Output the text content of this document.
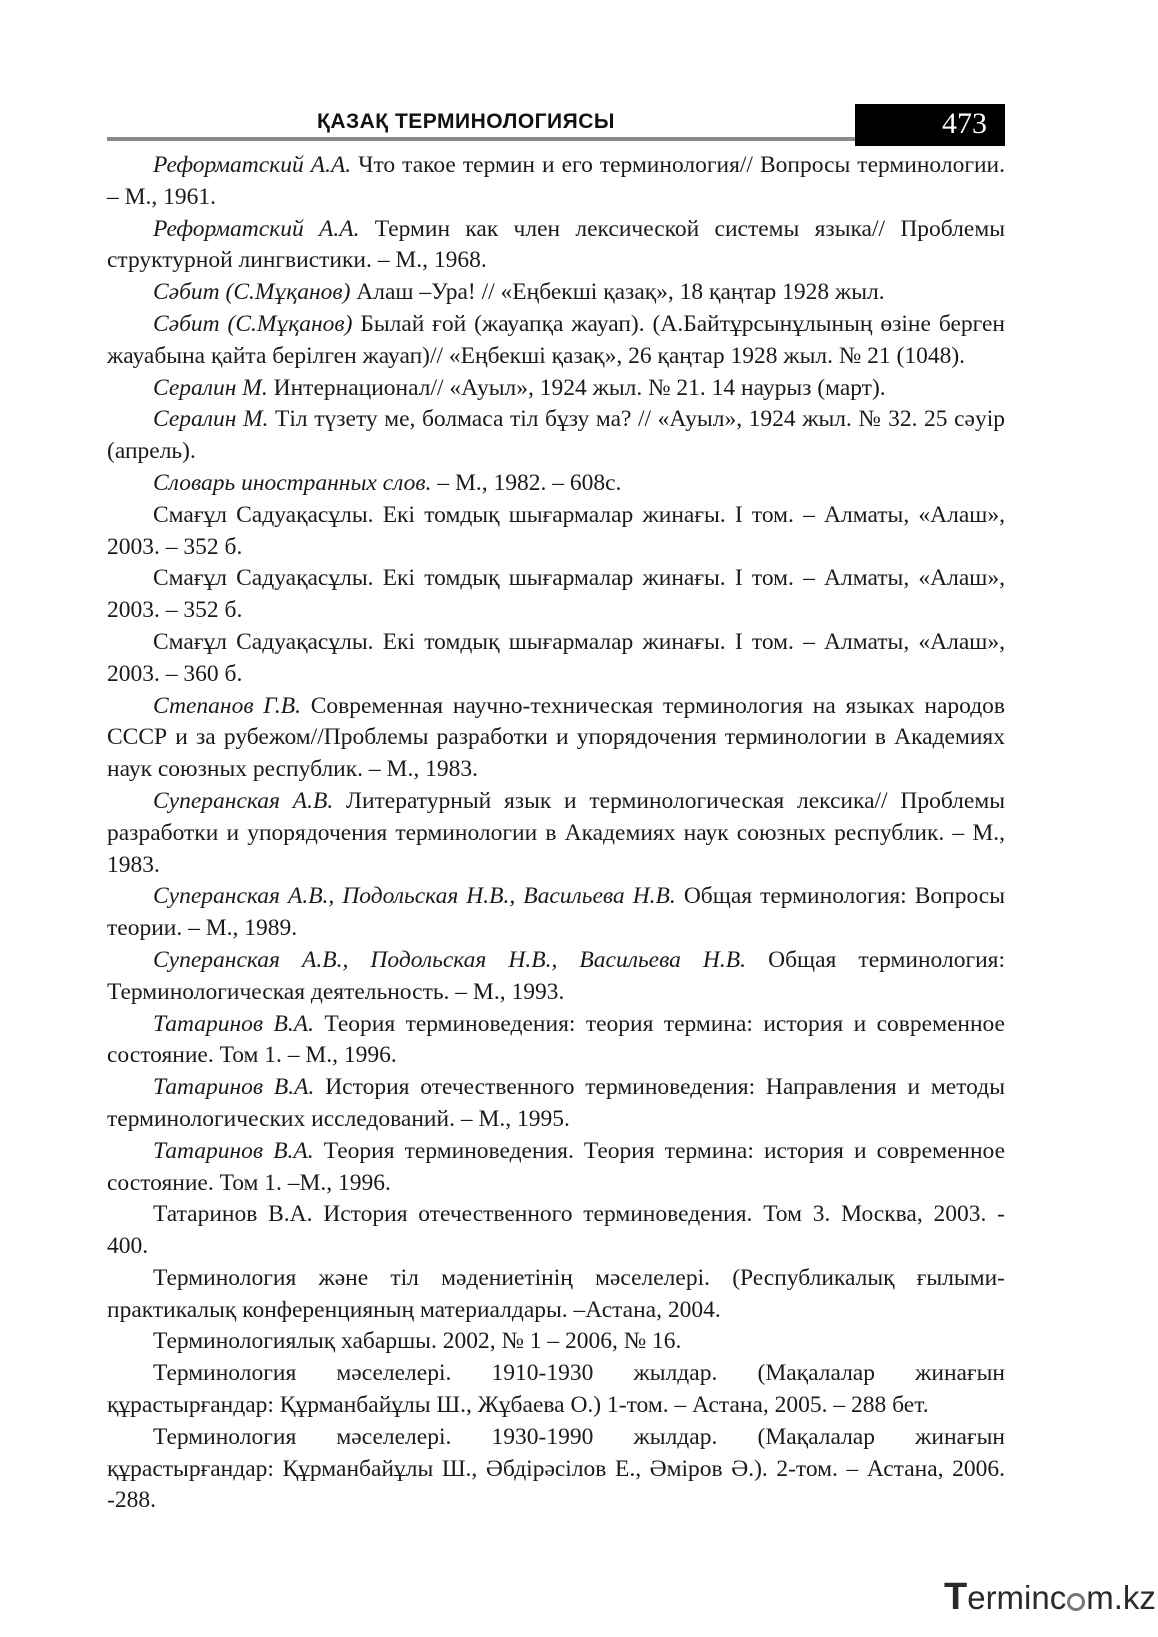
ҚАЗАҚ ТЕРМИНОЛОГИЯСЫ	473

Реформатский А.А. Что такое термин и его терминология// Вопросы терминологии. – М., 1961.

Реформатский А.А. Термин как член лексической системы языка// Проблемы структурной лингвистики. – М., 1968.

Сәбит (С.Мұқанов) Алаш –Ура! // «Еңбекші қазақ», 18 қаңтар 1928 жыл.

Сәбит (С.Мұқанов) Былай ғой (жауапқа жауап). (А.Байтұрсынұлының өзіне берген жауабына қайта берілген жауап)// «Еңбекші қазақ», 26 қаңтар 1928 жыл. № 21 (1048).

Сералин М. Интернационал// «Ауыл», 1924 жыл. № 21. 14 наурыз (март).

Сералин М. Тіл түзету ме, болмаса тіл бұзу ма? // «Ауыл», 1924 жыл. № 32. 25 сәуір (апрель).

Словарь иностранных слов. – М., 1982. – 608с.

Смағұл Садуақасұлы. Екі томдық шығармалар жинағы. І том. – Алматы, «Алаш», 2003. – 352 б.

Смағұл Садуақасұлы. Екі томдық шығармалар жинағы. І том. – Алматы, «Алаш», 2003. – 352 б.

Смағұл Садуақасұлы. Екі томдық шығармалар жинағы. І том. – Алматы, «Алаш», 2003. – 360 б.

Степанов Г.В. Современная научно-техническая терминология на языках народов СССР и за рубежом//Проблемы разработки и упорядочения терминологии в Академиях наук союзных республик. – М., 1983.

Суперанская А.В. Литературный язык и терминологическая лексика// Проблемы разработки и упорядочения терминологии в Академиях наук союзных республик. – М., 1983.

Суперанская А.В., Подольская Н.В., Васильева Н.В. Общая терминология: Вопросы теории. – М., 1989.

Суперанская А.В., Подольская Н.В., Васильева Н.В. Общая терминология: Терминологическая деятельность. – М., 1993.

Татаринов В.А. Теория терминоведения: теория термина: история и современное состояние. Том 1. – М., 1996.

Татаринов В.А. История отечественного терминоведения: Направления и методы терминологических исследований. – М., 1995.

Татаринов В.А. Теория терминоведения. Теория термина: история и современное состояние. Том 1. –М., 1996.

Татаринов В.А. История отечественного терминоведения. Том 3. Москва, 2003. - 400.

Терминология және тіл мәдениетінің мәселелері. (Республикалық ғылыми-практикалық конференцияның материалдары. –Астана, 2004.

Терминологиялық хабаршы. 2002, № 1 – 2006, № 16.

Терминология мәселелері. 1910-1930 жылдар. (Мақалалар жинағын құрастырғандар: Құрманбайұлы Ш., Жұбаева О.) 1-том. – Астана, 2005. – 288 бет.

Терминология мәселелері. 1930-1990 жылдар. (Мақалалар жинағын құрастырғандар: Құрманбайұлы Ш., Әбдірәсілов Е., Әміров Ә.). 2-том. – Астана, 2006. -288.

Terminc m.kz
